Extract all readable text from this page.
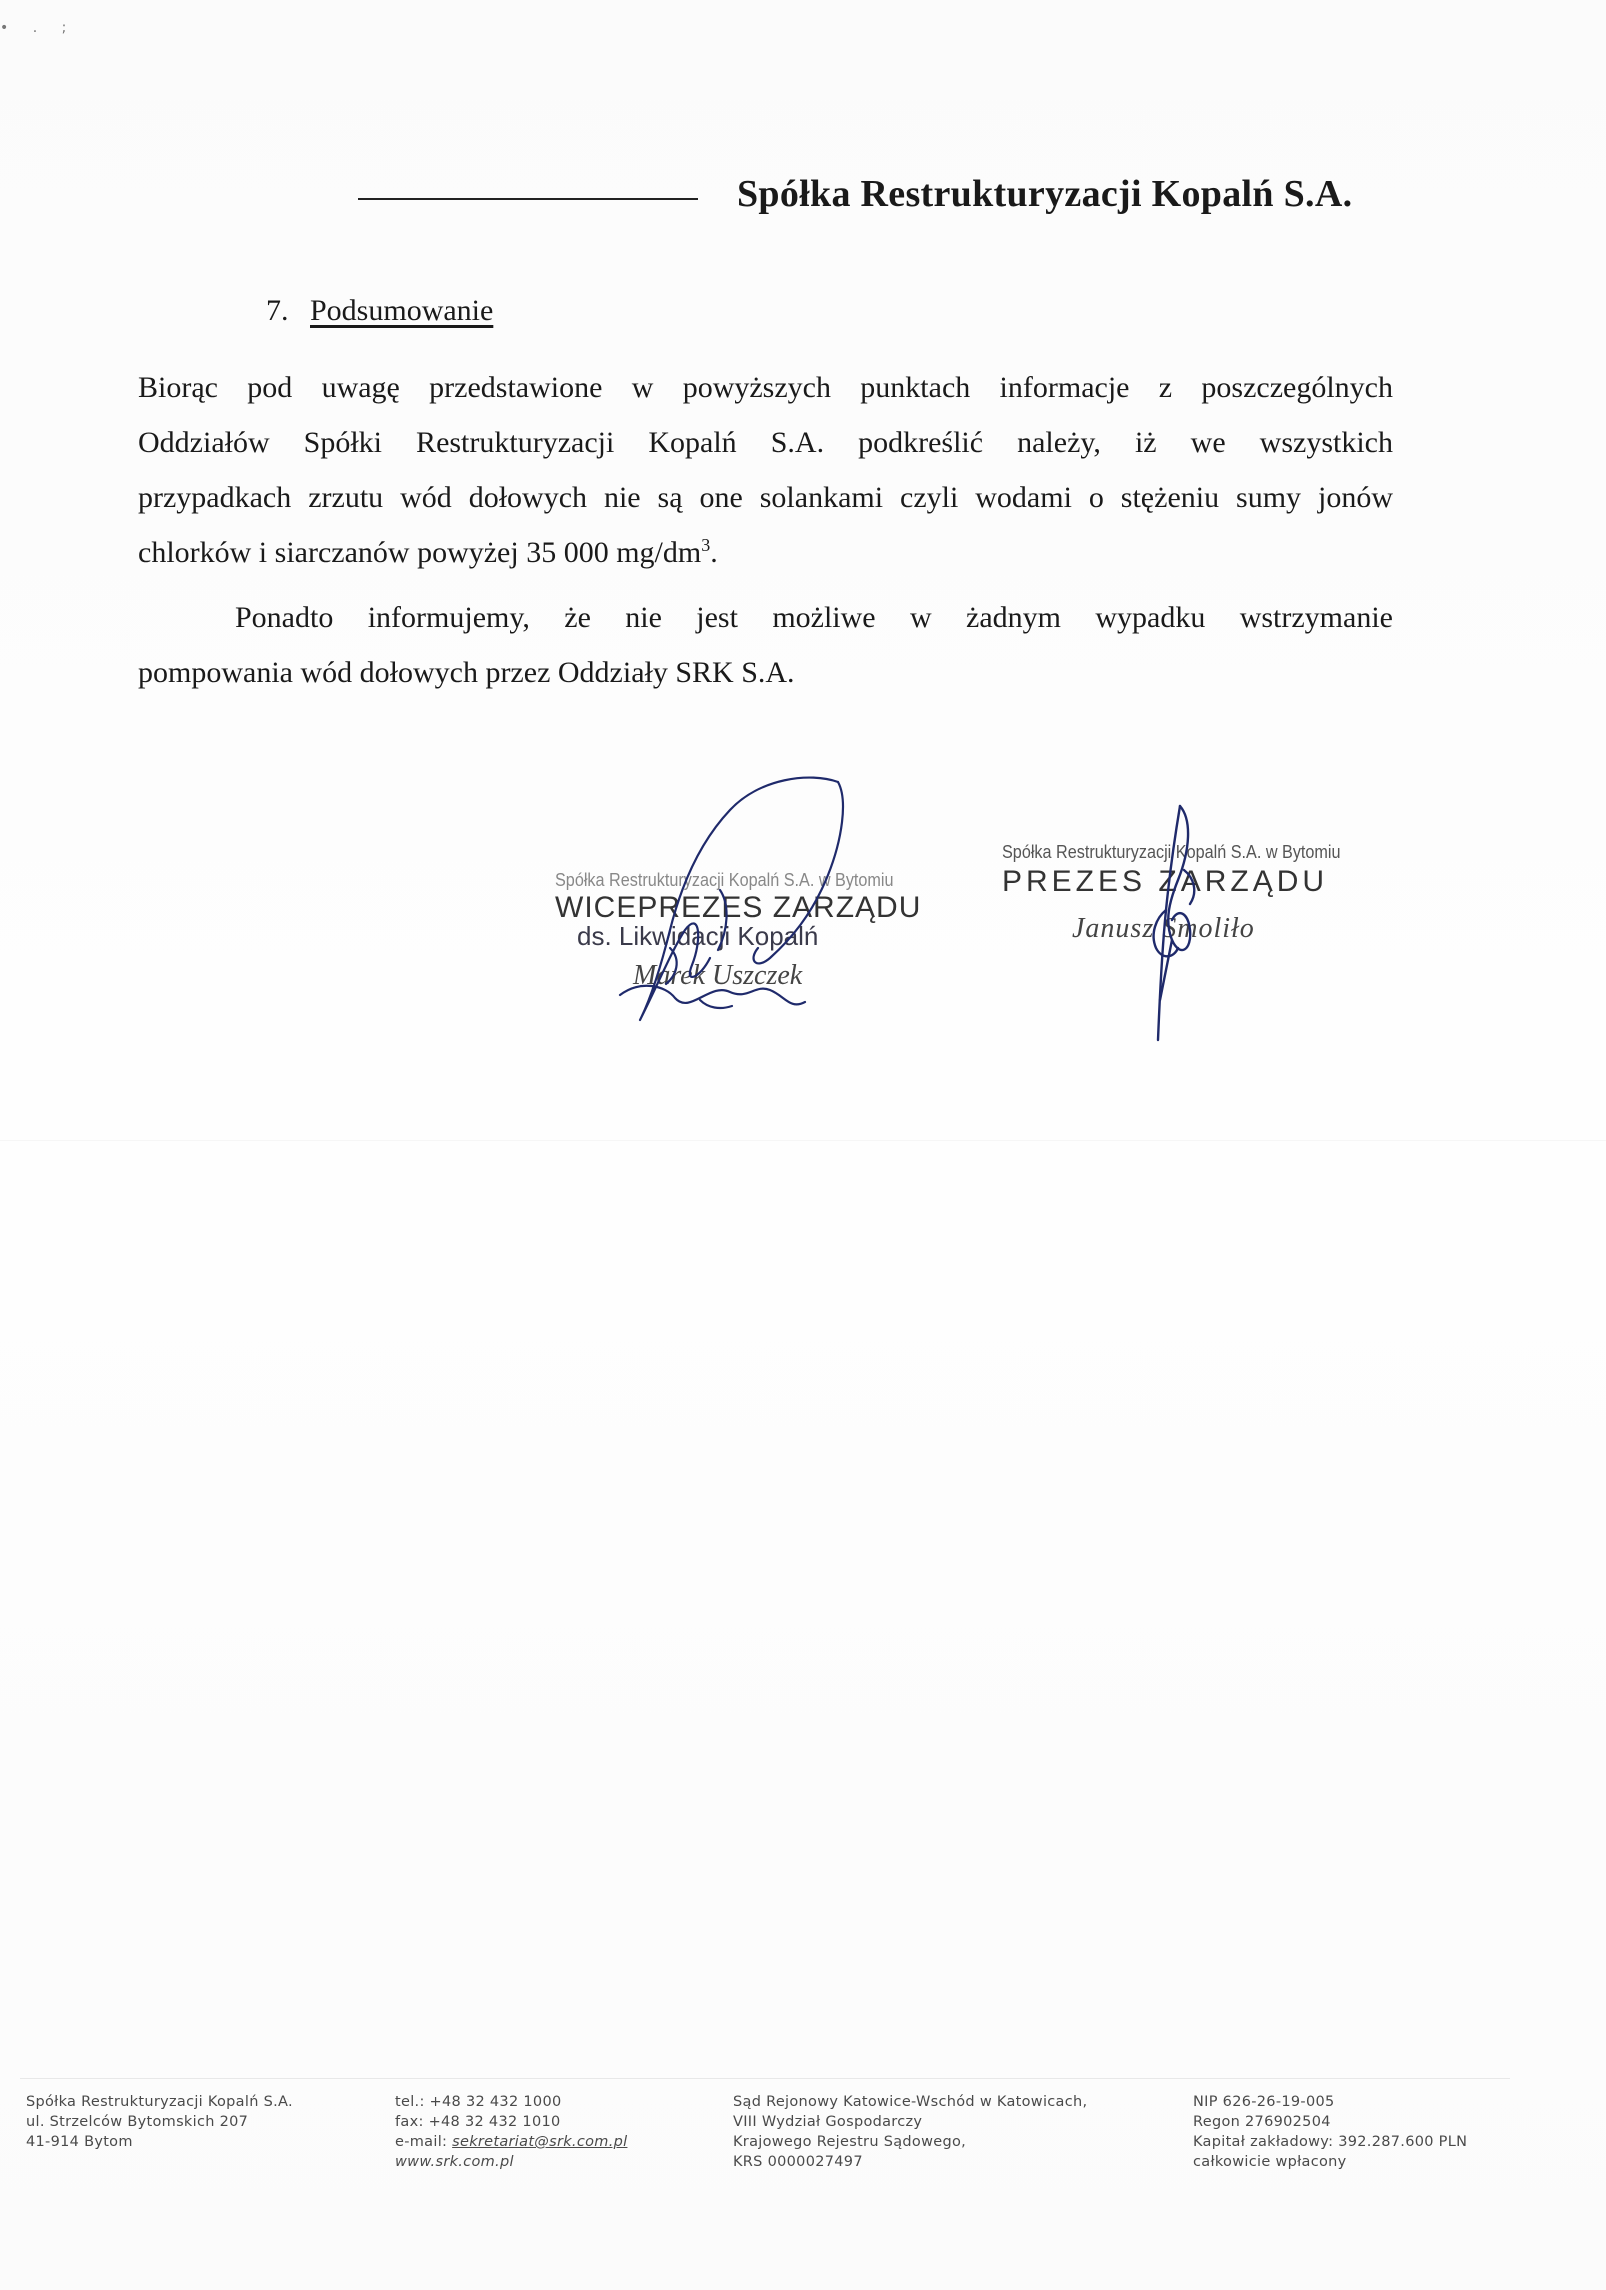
• . ;
Spółka Restrukturyzacji Kopalń S.A.
7. Podsumowanie
Biorąc pod uwagę przedstawione w powyższych punktach informacje z poszczególnych
Oddziałów Spółki Restrukturyzacji Kopalń S.A. podkreślić należy, iż we wszystkich
przypadkach zrzutu wód dołowych nie są one solankami czyli wodami o stężeniu sumy jonów
chlorków i siarczanów powyżej 35 000 $mg/dm^3$.
Ponadto informujemy, że nie jest możliwe w żadnym wypadku wstrzymanie
pompowania wód dołowych przez Oddziały SRK S.A.
Spółka Restrukturyzacji Kopalń S.A. w Bytomiu
WICEPREZES ZARZĄDU
ds. Likwidacji Kopalń
Marek Uszczek
Spółka Restrukturyzacji Kopalń S.A. w Bytomiu
PREZES ZARZĄDU
Janusz Smoliło
Spółka Restrukturyzacji Kopalń S.A.
ul. Strzelców Bytomskich 207
41-914 Bytom
tel.: +48 32 432 1000
fax: +48 32 432 1010
e-mail: sekretariat@srk.com.pl
www.srk.com.pl
Sąd Rejonowy Katowice-Wschód w Katowicach,
VIII Wydział Gospodarczy
Krajowego Rejestru Sądowego,
KRS 0000027497
NIP 626-26-19-005
Regon 276902504
Kapitał zakładowy: 392.287.600 PLN
całkowicie wpłacony
